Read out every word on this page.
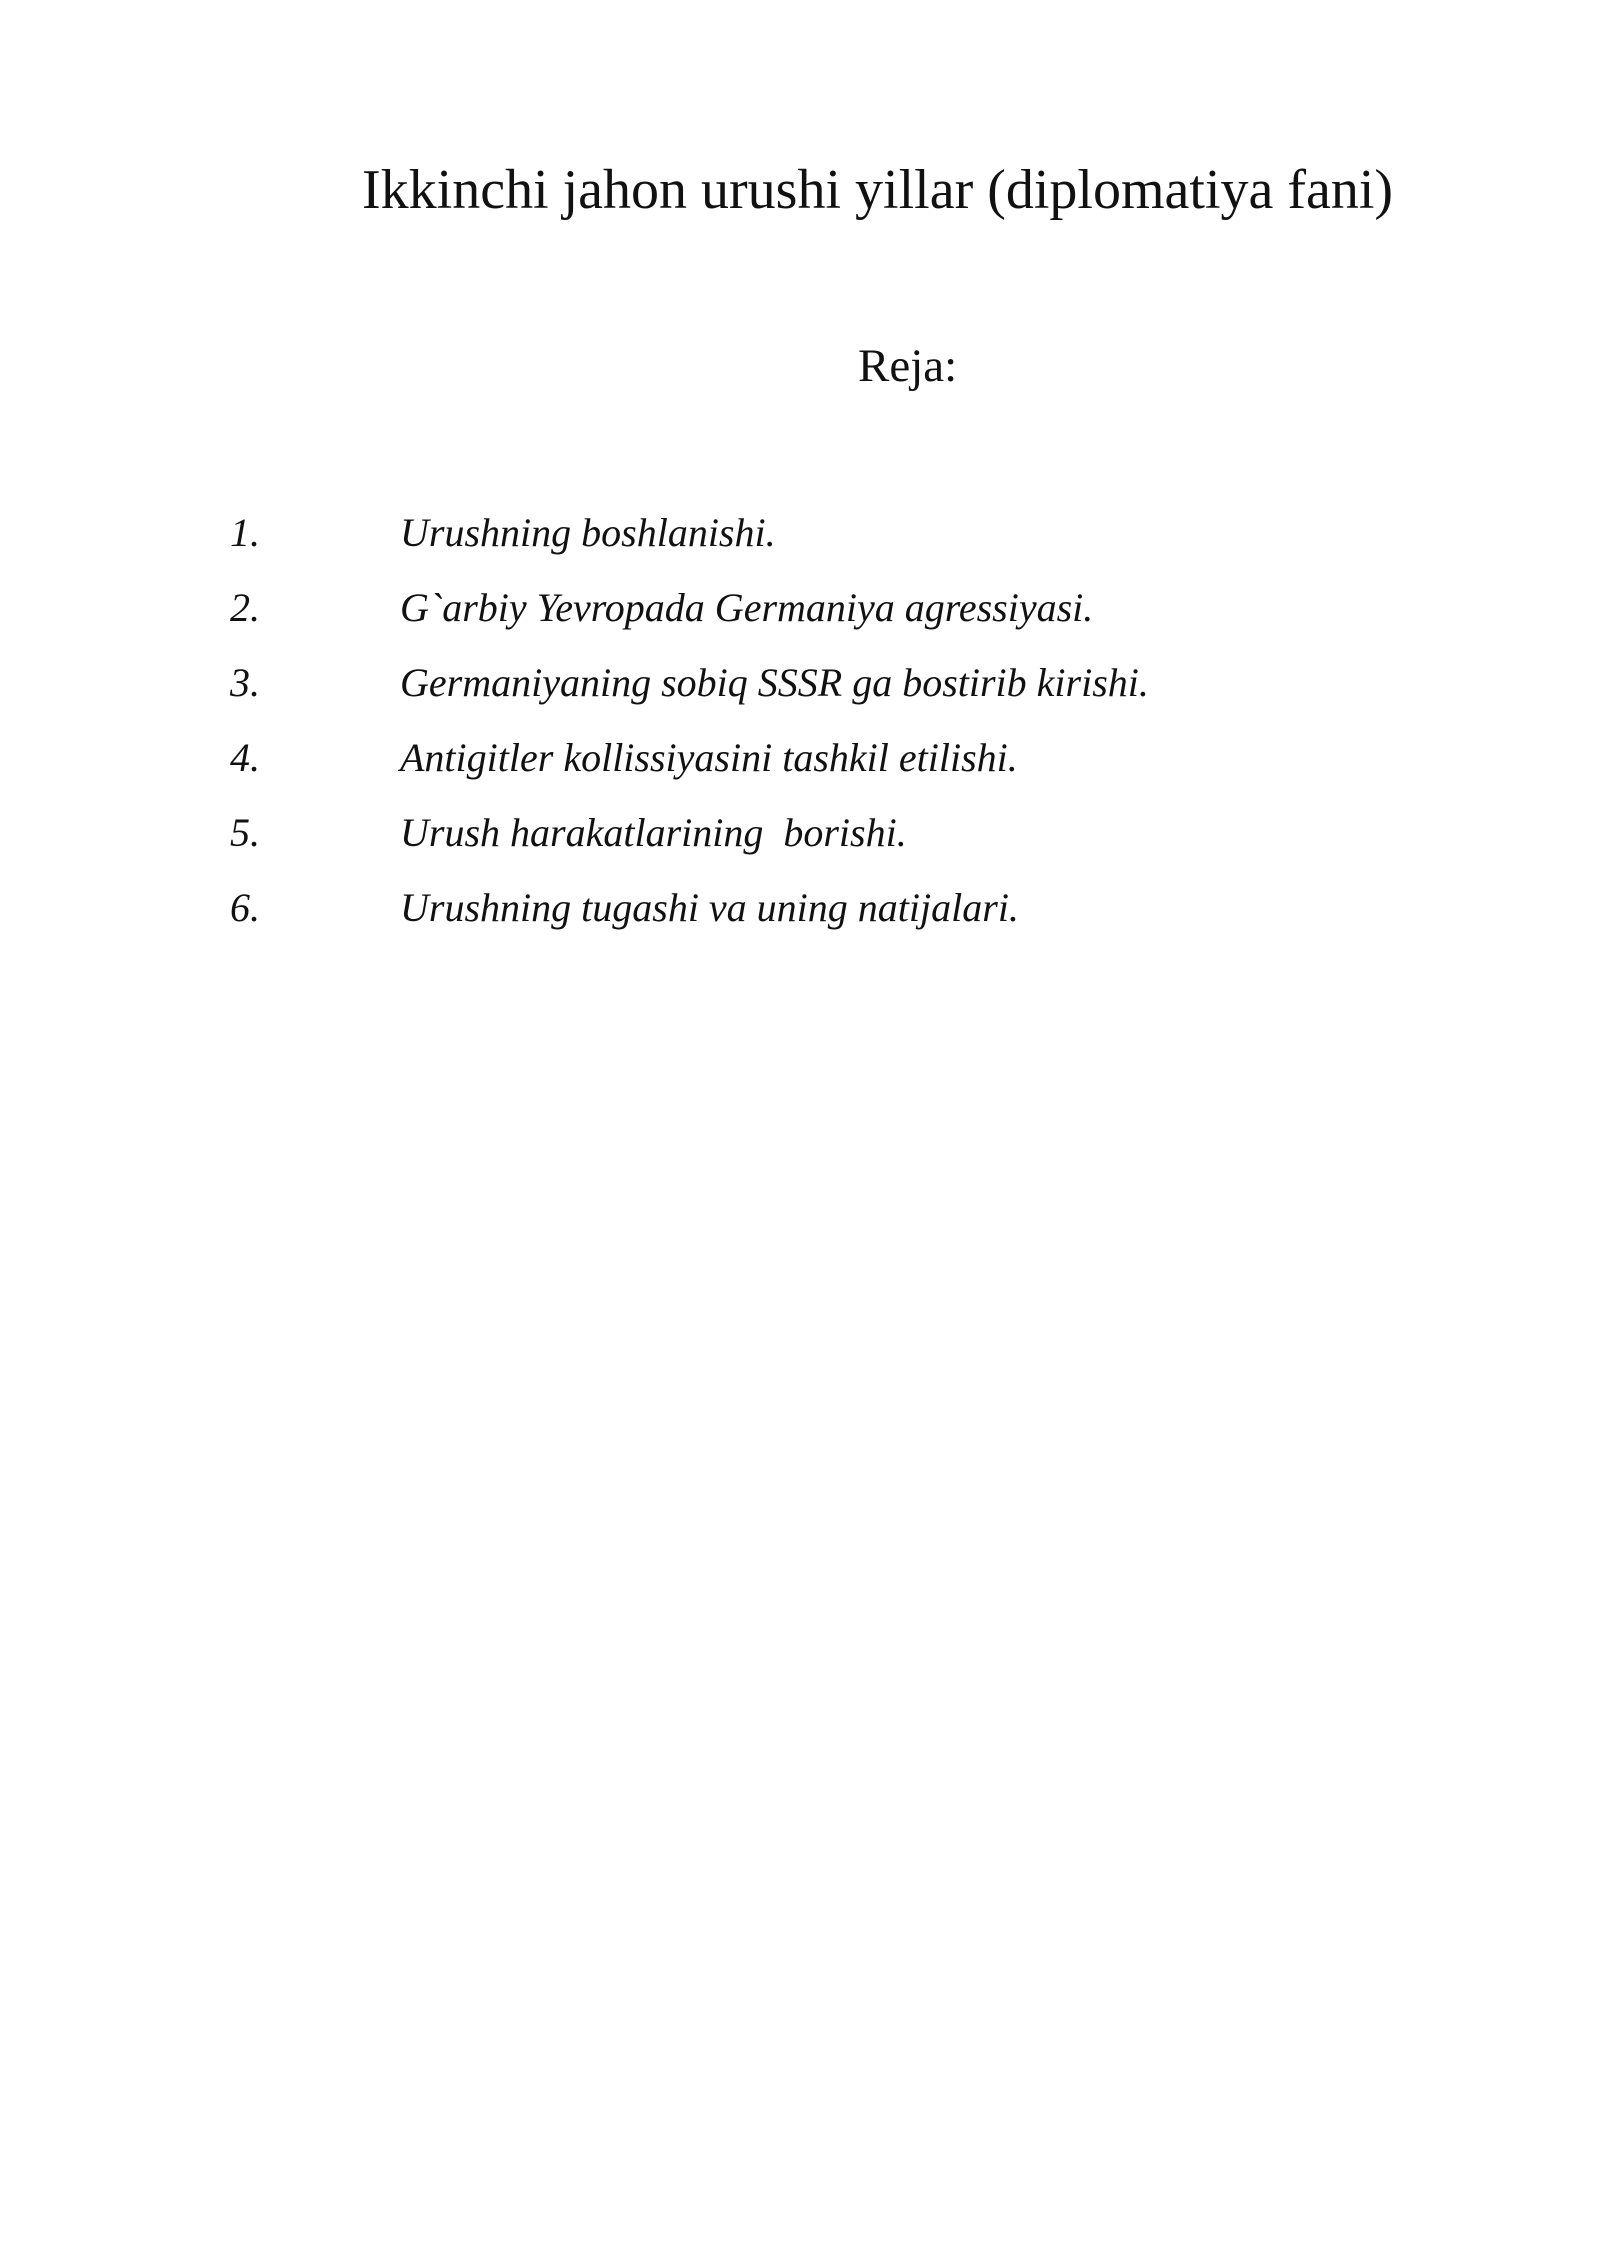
Ikkinchi jahon urushi yillar (diplomatiya fani)
Reja:
1.	Urushning boshlanishi.
2.	G`arbiy Yevropada Germaniya agressiyasi.
3.	Germaniyaning sobiq SSSR ga bostirib kirishi.
4.	Antigitler kollissiyasini tashkil etilishi.
5.	Urush harakatlarining  borishi.
6.	Urushning tugashi va uning natijalari.
